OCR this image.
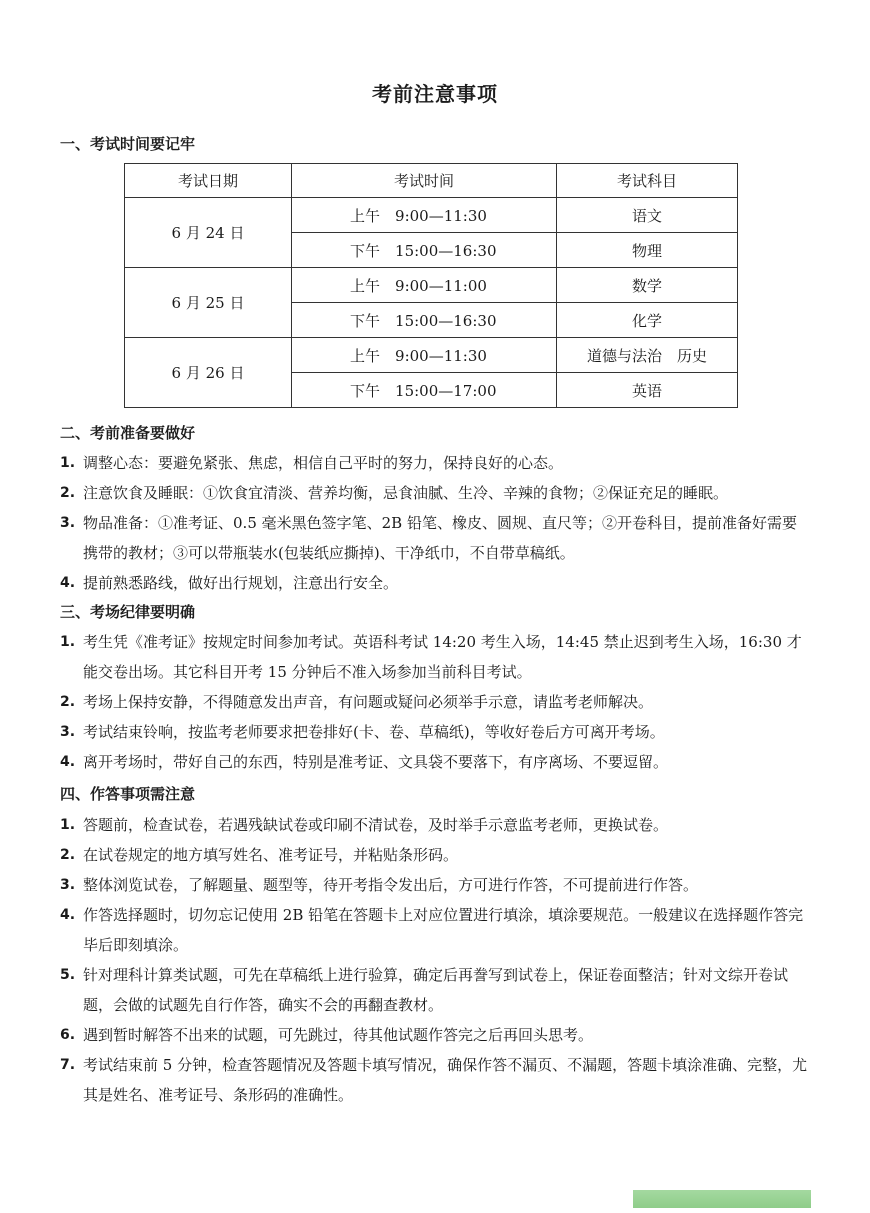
考前注意事项
一、考试时间要记牢
考试日期	考试时间	考试科目
6 月 24 日	上午　9:00—11:30	语文
	下午　15:00—16:30	物理
6 月 25 日	上午　9:00—11:00	数学
	下午　15:00—16:30	化学
6 月 26 日	上午　9:00—11:30	道德与法治　历史
	下午　15:00—17:00	英语
二、考前准备要做好
1. 调整心态：要避免紧张、焦虑，相信自己平时的努力，保持良好的心态。
2. 注意饮食及睡眠：①饮食宜清淡、营养均衡，忌食油腻、生冷、辛辣的食物；②保证充足的睡眠。
3. 物品准备：①准考证、0.5 毫米黑色签字笔、2B 铅笔、橡皮、圆规、直尺等；②开卷科目，提前准备好需要携带的教材；③可以带瓶装水(包装纸应撕掉)、干净纸巾，不自带草稿纸。
4. 提前熟悉路线，做好出行规划，注意出行安全。
三、考场纪律要明确
1. 考生凭《准考证》按规定时间参加考试。英语科考试 14:20 考生入场，14:45 禁止迟到考生入场，16:30 才能交卷出场。其它科目开考 15 分钟后不准入场参加当前科目考试。
2. 考场上保持安静，不得随意发出声音，有问题或疑问必须举手示意，请监考老师解决。
3. 考试结束铃响，按监考老师要求把卷排好(卡、卷、草稿纸)，等收好卷后方可离开考场。
4. 离开考场时，带好自己的东西，特别是准考证、文具袋不要落下，有序离场、不要逗留。
四、作答事项需注意
1. 答题前，检查试卷，若遇残缺试卷或印刷不清试卷，及时举手示意监考老师，更换试卷。
2. 在试卷规定的地方填写姓名、准考证号，并粘贴条形码。
3. 整体浏览试卷，了解题量、题型等，待开考指令发出后，方可进行作答，不可提前进行作答。
4. 作答选择题时，切勿忘记使用 2B 铅笔在答题卡上对应位置进行填涂，填涂要规范。一般建议在选择题作答完毕后即刻填涂。
5. 针对理科计算类试题，可先在草稿纸上进行验算，确定后再誊写到试卷上，保证卷面整洁；针对文综开卷试题，会做的试题先自行作答，确实不会的再翻查教材。
6. 遇到暂时解答不出来的试题，可先跳过，待其他试题作答完之后再回头思考。
7. 考试结束前 5 分钟，检查答题情况及答题卡填写情况，确保作答不漏页、不漏题，答题卡填涂准确、完整，尤其是姓名、准考证号、条形码的准确性。
